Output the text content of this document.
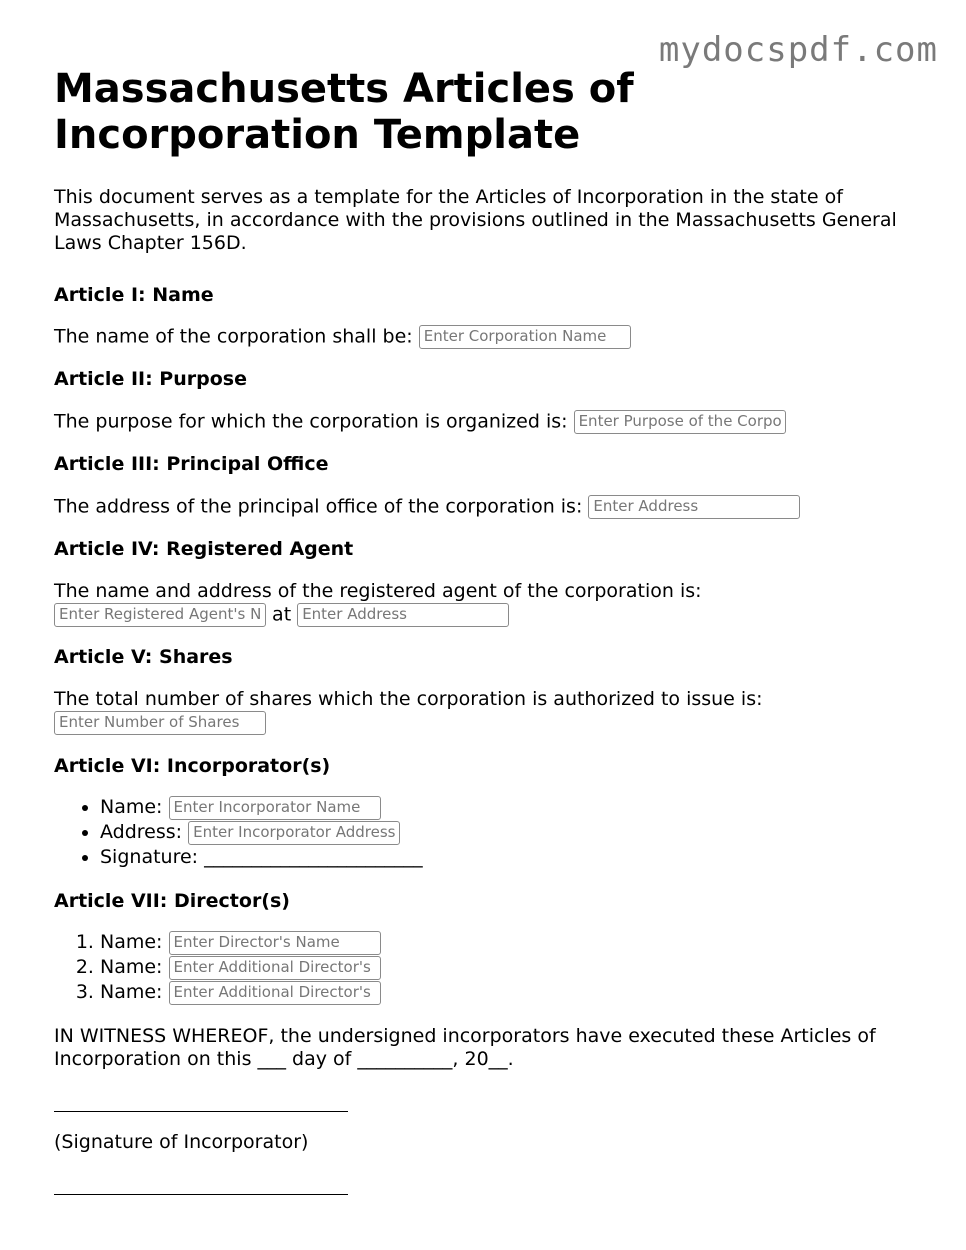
mydocspdf.com
Massachusetts Articles of Incorporation Template

This document serves as a template for the Articles of Incorporation in the state of Massachusetts, in accordance with the provisions outlined in the Massachusetts General Laws Chapter 156D.

Article I: Name

The name of the corporation shall be: Enter Corporation Name

Article II: Purpose

The purpose for which the corporation is organized is: Enter Purpose of the Corpo

Article III: Principal Office

The address of the principal office of the corporation is: Enter Address

Article IV: Registered Agent

The name and address of the registered agent of the corporation is:

Enter Registered Agent's N at Enter Address

Article V: Shares

The total number of shares which the corporation is authorized to issue is:

Enter Number of Shares

Article VI: Incorporator(s)
• Name: Enter Incorporator Name
• Address: Enter Incorporator Address
• Signature: _______________________
Article VII: Director(s)
1. Name: Enter Director's Name
2. Name: Enter Additional Director's
3. Name: Enter Additional Director's

IN WITNESS WHEREOF, the undersigned incorporators have executed these Articles of Incorporation on this ___ day of __________, 20__.

(Signature of Incorporator)
